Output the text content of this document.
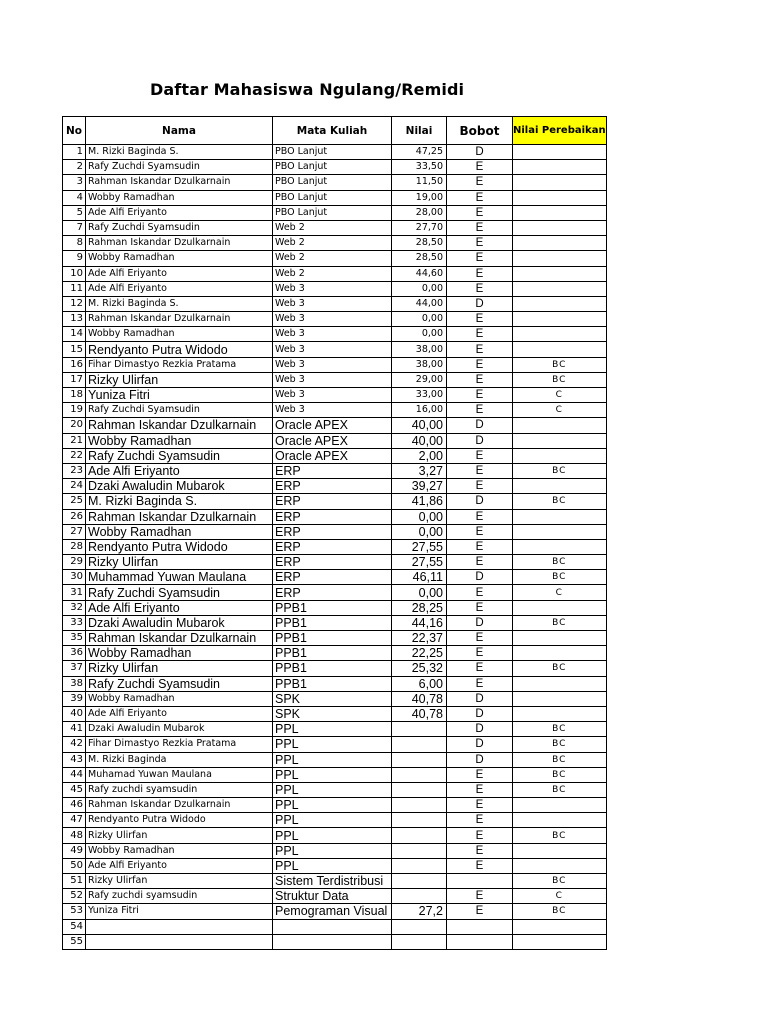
Daftar Mahasiswa Ngulang/Remidi
No	Nama	Mata Kuliah	Nilai	Bobot	Nilai Perebaikan
1	M. Rizki Baginda S.	PBO Lanjut	47,25	D	
2	Rafy Zuchdi Syamsudin	PBO Lanjut	33,50	E	
3	Rahman Iskandar Dzulkarnain	PBO Lanjut	11,50	E	
4	Wobby Ramadhan	PBO Lanjut	19,00	E	
5	Ade Alfi Eriyanto	PBO Lanjut	28,00	E	
7	Rafy Zuchdi Syamsudin	Web 2	27,70	E	
8	Rahman Iskandar Dzulkarnain	Web 2	28,50	E	
9	Wobby Ramadhan	Web 2	28,50	E	
10	Ade Alfi Eriyanto	Web 2	44,60	E	
11	Ade Alfi Eriyanto	Web 3	0,00	E	
12	M. Rizki Baginda S.	Web 3	44,00	D	
13	Rahman Iskandar Dzulkarnain	Web 3	0,00	E	
14	Wobby Ramadhan	Web 3	0,00	E	
15	Rendyanto Putra Widodo	Web 3	38,00	E	
16	Fihar Dimastyo Rezkia Pratama	Web 3	38,00	E	BC
17	Rizky Ulirfan	Web 3	29,00	E	BC
18	Yuniza Fitri	Web 3	33,00	E	C
19	Rafy Zuchdi Syamsudin	Web 3	16,00	E	C
20	Rahman Iskandar Dzulkarnain	Oracle APEX	40,00	D	
21	Wobby Ramadhan	Oracle APEX	40,00	D	
22	Rafy Zuchdi Syamsudin	Oracle APEX	2,00	E	
23	Ade Alfi Eriyanto	ERP	3,27	E	BC
24	Dzaki Awaludin Mubarok	ERP	39,27	E	
25	M. Rizki Baginda S.	ERP	41,86	D	BC
26	Rahman Iskandar Dzulkarnain	ERP	0,00	E	
27	Wobby Ramadhan	ERP	0,00	E	
28	Rendyanto Putra Widodo	ERP	27,55	E	
29	Rizky Ulirfan	ERP	27,55	E	BC
30	Muhammad Yuwan Maulana	ERP	46,11	D	BC
31	Rafy Zuchdi Syamsudin	ERP	0,00	E	C
32	Ade Alfi Eriyanto	PPB1	28,25	E	
33	Dzaki Awaludin Mubarok	PPB1	44,16	D	BC
35	Rahman Iskandar Dzulkarnain	PPB1	22,37	E	
36	Wobby Ramadhan	PPB1	22,25	E	
37	Rizky Ulirfan	PPB1	25,32	E	BC
38	Rafy Zuchdi Syamsudin	PPB1	6,00	E	
39	Wobby Ramadhan	SPK	40,78	D	
40	Ade Alfi Eriyanto	SPK	40,78	D	
41	Dzaki Awaludin Mubarok	PPL		D	BC
42	Fihar Dimastyo Rezkia Pratama	PPL		D	BC
43	M. Rizki Baginda	PPL		D	BC
44	Muhamad Yuwan Maulana	PPL		E	BC
45	Rafy zuchdi syamsudin	PPL		E	BC
46	Rahman Iskandar Dzulkarnain	PPL		E	
47	Rendyanto Putra Widodo	PPL		E	
48	Rizky Ulirfan	PPL		E	BC
49	Wobby Ramadhan	PPL		E	
50	Ade Alfi Eriyanto	PPL		E	
51	Rizky Ulirfan	Sistem Terdistribusi			BC
52	Rafy zuchdi syamsudin	Struktur Data		E	C
53	Yuniza Fitri	Pemograman Visual	27,2	E	BC
54					
55					
